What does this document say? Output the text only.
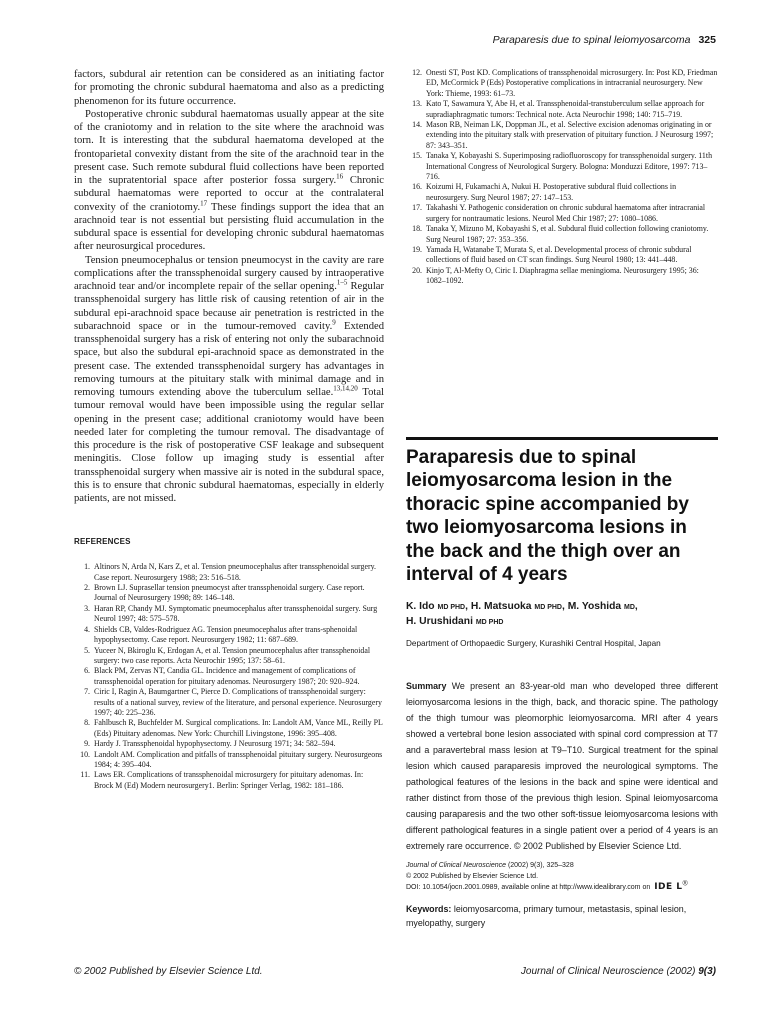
Paraparesis due to spinal leiomyosarcoma 325

factors, subdural air retention can be considered as an initiating factor for promoting the chronic subdural haematoma and also as a predicting phenomenon for its future occurrence.

Postoperative chronic subdural haematomas usually appear at the site of the craniotomy and in relation to the site where the arachnoid was torn. It is interesting that the subdural haematoma developed at the frontoparietal convexity distant from the site of the arachnoid tear in the present case. Such remote subdural fluid collections have been reported in the supratentorial space after posterior fossa surgery.$^{16}$ Chronic subdural haematomas were reported to occur at the contralateral convexity of the craniotomy.$^{17}$ These findings support the idea that an arachnoid tear is not essential but persisting fluid accumulation in the subdural space is essential for developing chronic subdural haematomas after neurosurgical procedures.

Tension pneumocephalus or tension pneumocyst in the cavity are rare complications after the transsphenoidal surgery caused by intraoperative arachnoid tear and/or incomplete repair of the sellar opening.$^{1-5}$ Regular transsphenoidal surgery has little risk of causing retention of air in the subdural epi-arachnoid space because air penetration is restricted in the subarachnoid space or in the tumour-removed cavity.$^9$ Extended transsphenoidal surgery has a risk of entering not only the subarachnoid space, but also the subdural epi-arachnoid space as demonstrated in the present case. The extended transsphenoidal surgery has advantages in removing tumours at the pituitary stalk with minimal damage and in removing tumours extending above the tuberculum sellae.$^{13,14,20}$ Total tumour removal would have been impossible using the regular sellar opening in the present case; additional craniotomy would have been needed later for completing the tumour removal. The disadvantage of this procedure is the risk of postoperative CSF leakage and subsequent meningitis. Close follow up imaging study is essential after transsphenoidal surgery when massive air is noted in the subdural space, this is to ensure that chronic subdural haematomas, especially in elderly patients, are not missed.

REFERENCES
1. Altinors N, Arda N, Kars Z, et al. Tension pneumocephalus after transsphenoidal surgery. Case report. Neurosurgery 1988; 23: 516–518.
2. Brown LJ. Suprasellar tension pneumocyst after transsphenoidal surgery. Case report. Journal of Neurosurgery 1998; 89: 146–148.
3. Haran RP, Chandy MJ. Symptomatic pneumocephalus after transsphenoidal surgery. Surg Neurol 1997; 48: 575–578.
4. Shields CB, Valdes-Rodriguez AG. Tension pneumocephalus after trans-sphenoidal hypophysectomy. Case report. Neurosurgery 1982; 11: 687–689.
5. Yuceer N, Bkiroglu K, Erdogan A, et al. Tension pneumocephalus after transsphenoidal surgery: two case reports. Acta Neurochir 1995; 137: 58–61.
6. Black PM, Zervas NT, Candia GL. Incidence and management of complications of transsphenoidal operation for pituitary adenomas. Neurosurgery 1987; 20: 920–924.
7. Ciric I, Ragin A, Baumgartner C, Pierce D. Complications of transsphenoidal surgery: results of a national survey, review of the literature, and personal experience. Neurosurgery 1997; 40: 225–236.
8. Fahlbusch R, Buchfelder M. Surgical complications. In: Landolt AM, Vance ML, Reilly PL (Eds) Pituitary adenomas. New York: Churchill Livingstone, 1996: 395–408.
9. Hardy J. Transsphenoidal hypophysectomy. J Neurosurg 1971; 34: 582–594.
10. Landolt AM. Complication and pitfalls of transsphenoidal pituitary surgery. Neurosurgeons 1984; 4: 395–404.
11. Laws ER. Complications of transsphenoidal microsurgery for pituitary adenomas. In: Brock M (Ed) Modern neurosurgery1. Berlin: Springer Verlag, 1982: 181–186.
12. Onesti ST, Post KD. Complications of transsphenoidal microsurgery. In: Post KD, Friedman ED, McCormick P (Eds) Postoperative complications in intracranial neurosurgery. New York: Thieme, 1993: 61–73.
13. Kato T, Sawamura Y, Abe H, et al. Transsphenoidal-transtuberculum sellae approach for supradiaphragmatic tumors: Technical note. Acta Neurochir 1998; 140: 715–719.
14. Mason RB, Neiman LK, Doppman JL, et al. Selective excision adenomas originating in or extending into the pituitary stalk with preservation of pituitary function. J Neurosurg 1997; 87: 343–351.
15. Tanaka Y, Kobayashi S. Superimposing radiofluoroscopy for transsphenoidal surgery. 11th International Congress of Neurological Surgery. Bologna: Monduzzi Editore, 1997: 713–716.
16. Koizumi H, Fukamachi A, Nukui H. Postoperative subdural fluid collections in neurosurgery. Surg Neurol 1987; 27: 147–153.
17. Takahashi Y. Pathogenic consideration on chronic subdural haematoma after intracranial surgery for nontraumatic lesions. Neurol Med Chir 1987; 27: 1080–1086.
18. Tanaka Y, Mizuno M, Kobayashi S, et al. Subdural fluid collection following craniotomy. Surg Neurol 1987; 27: 353–356.
19. Yamada H, Watanabe T, Murata S, et al. Developmental process of chronic subdural collections of fluid based on CT scan findings. Surg Neurol 1980; 13: 441–448.
20. Kinjo T, Al-Mefty O, Ciric I. Diaphragma sellae meningioma. Neurosurgery 1995; 36: 1082–1092.
Paraparesis due to spinal leiomyosarcoma lesion in the thoracic spine accompanied by two leiomyosarcoma lesions in the back and the thigh over an interval of 4 years
K. Ido MD PHD, H. Matsuoka MD PHD, M. Yoshida MD,
H. Urushidani MD PHD
Department of Orthopaedic Surgery, Kurashiki Central Hospital, Japan

Summary We present an 83-year-old man who developed three different leiomyosarcoma lesions in the thigh, back, and thoracic spine. The pathology of the thigh tumour was pleomorphic leiomyosarcoma. MRI after 4 years showed a vertebral bone lesion associated with spinal cord compression at T7 and a paravertebral mass lesion at T9–T10. Surgical treatment for the spinal lesion which caused paraparesis improved the neurological symptoms. The pathological features of the lesions in the back and spine were identical and rather distinct from those of the previous thigh lesion. Spinal leiomyosarcoma causing paraparesis and the two other soft-tissue leiomyosarcoma lesions with different pathological features in a single patient over a period of 4 years is an extremely rare occurrence. © 2002 Published by Elsevier Science Ltd.

Journal of Clinical Neuroscience (2002) 9(3), 325–328
© 2002 Published by Elsevier Science Ltd.
DOI: 10.1054/jocn.2001.0989, available online at http://www.idealibrary.com on IDE L®
Keywords: leiomyosarcoma, primary tumour, metastasis, spinal lesion, myelopathy, surgery
© 2002 Published by Elsevier Science Ltd.	Journal of Clinical Neuroscience (2002) 9(3)
